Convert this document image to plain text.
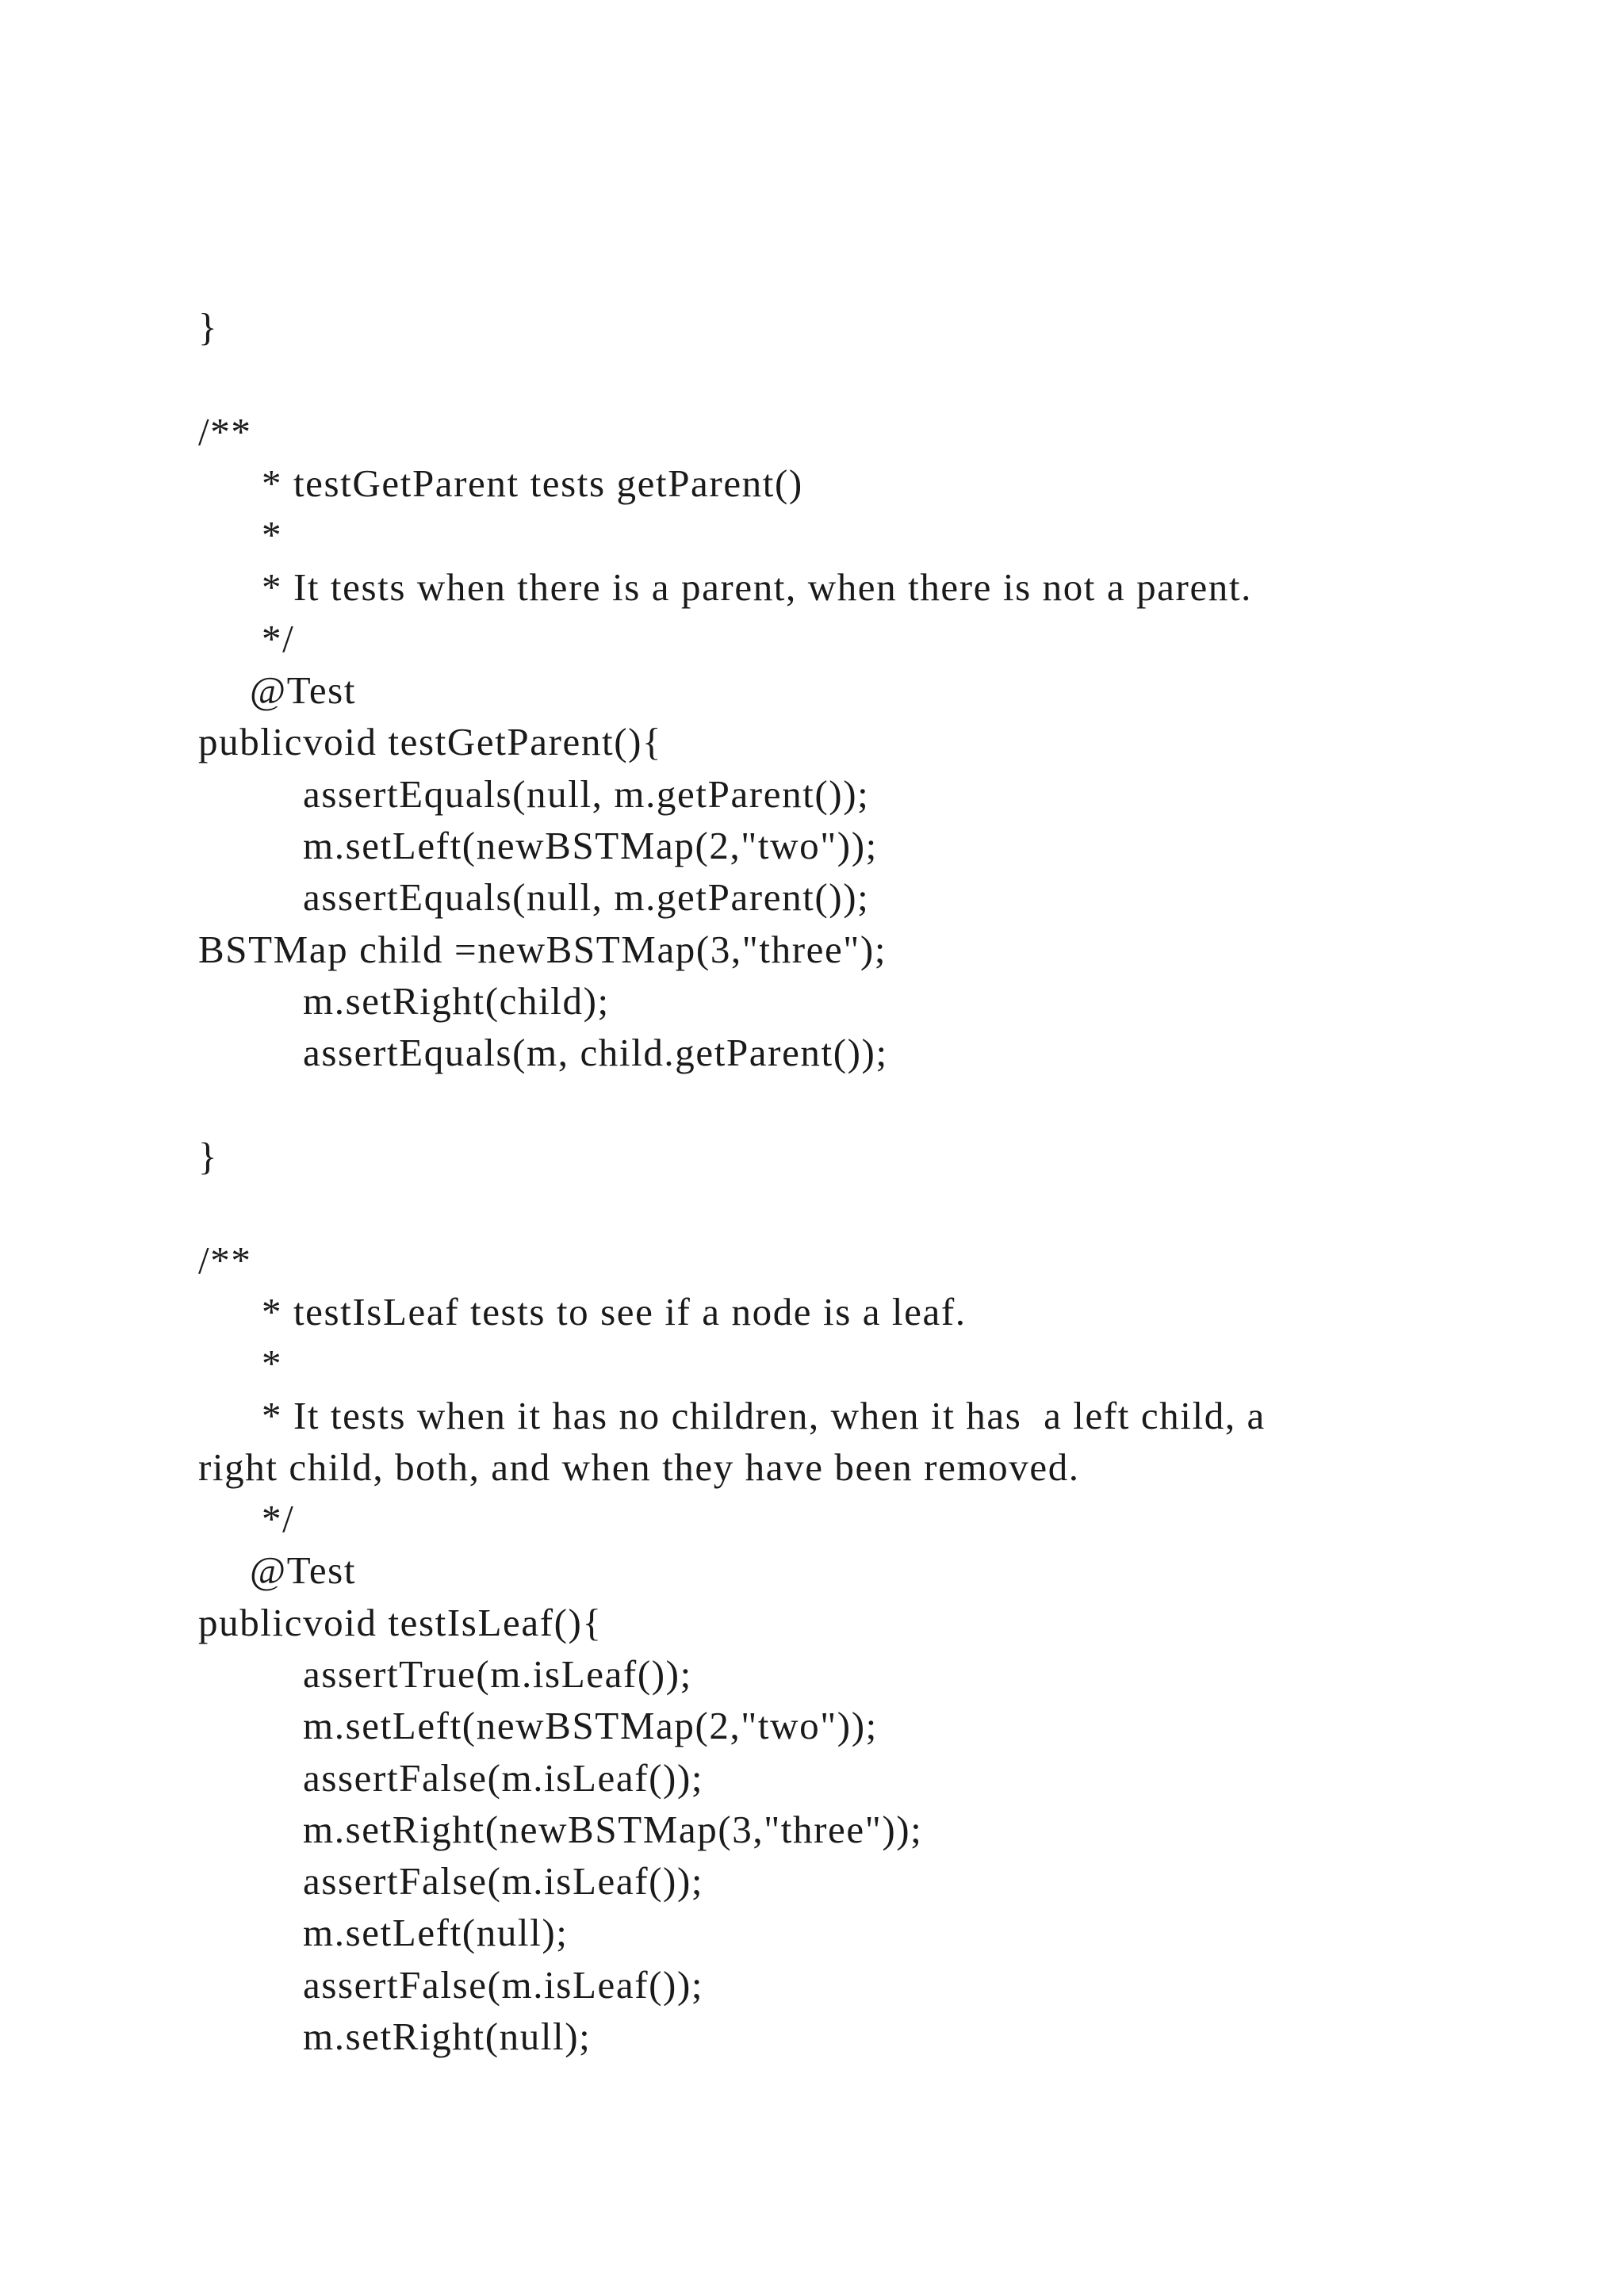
}
/**
* testGetParent tests getParent()
*
* It tests when there is a parent, when there is not a parent.
*/
@Test
publicvoid testGetParent(){
assertEquals(null, m.getParent());
m.setLeft(newBSTMap(2,"two"));
assertEquals(null, m.getParent());
BSTMap child =newBSTMap(3,"three");
m.setRight(child);
assertEquals(m, child.getParent());
}
/**
* testIsLeaf tests to see if a node is a leaf.
*
* It tests when it has no children, when it has  a left child, a
right child, both, and when they have been removed.
*/
@Test
publicvoid testIsLeaf(){
assertTrue(m.isLeaf());
m.setLeft(newBSTMap(2,"two"));
assertFalse(m.isLeaf());
m.setRight(newBSTMap(3,"three"));
assertFalse(m.isLeaf());
m.setLeft(null);
assertFalse(m.isLeaf());
m.setRight(null);
